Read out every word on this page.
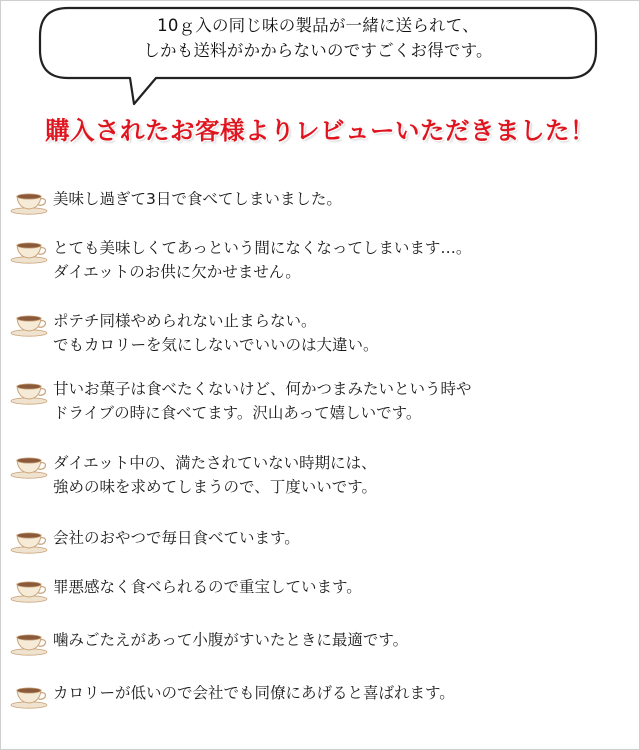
10ｇ入の同じ味の製品が一緒に送られて、
しかも送料がかからないのですごくお得です。
購入されたお客様よりレビューいただきました！
美味し過ぎて3日で食べてしまいました。
とても美味しくてあっという間になくなってしまいます…。
ダイエットのお供に欠かせません。
ポテチ同様やめられない止まらない。
でもカロリーを気にしないでいいのは大違い。
甘いお菓子は食べたくないけど、何かつまみたいという時や
ドライブの時に食べてます。沢山あって嬉しいです。
ダイエット中の、満たされていない時期には、
強めの味を求めてしまうので、丁度いいです。
会社のおやつで毎日食べています。
罪悪感なく食べられるので重宝しています。
噛みごたえがあって小腹がすいたときに最適です。
カロリーが低いので会社でも同僚にあげると喜ばれます。
